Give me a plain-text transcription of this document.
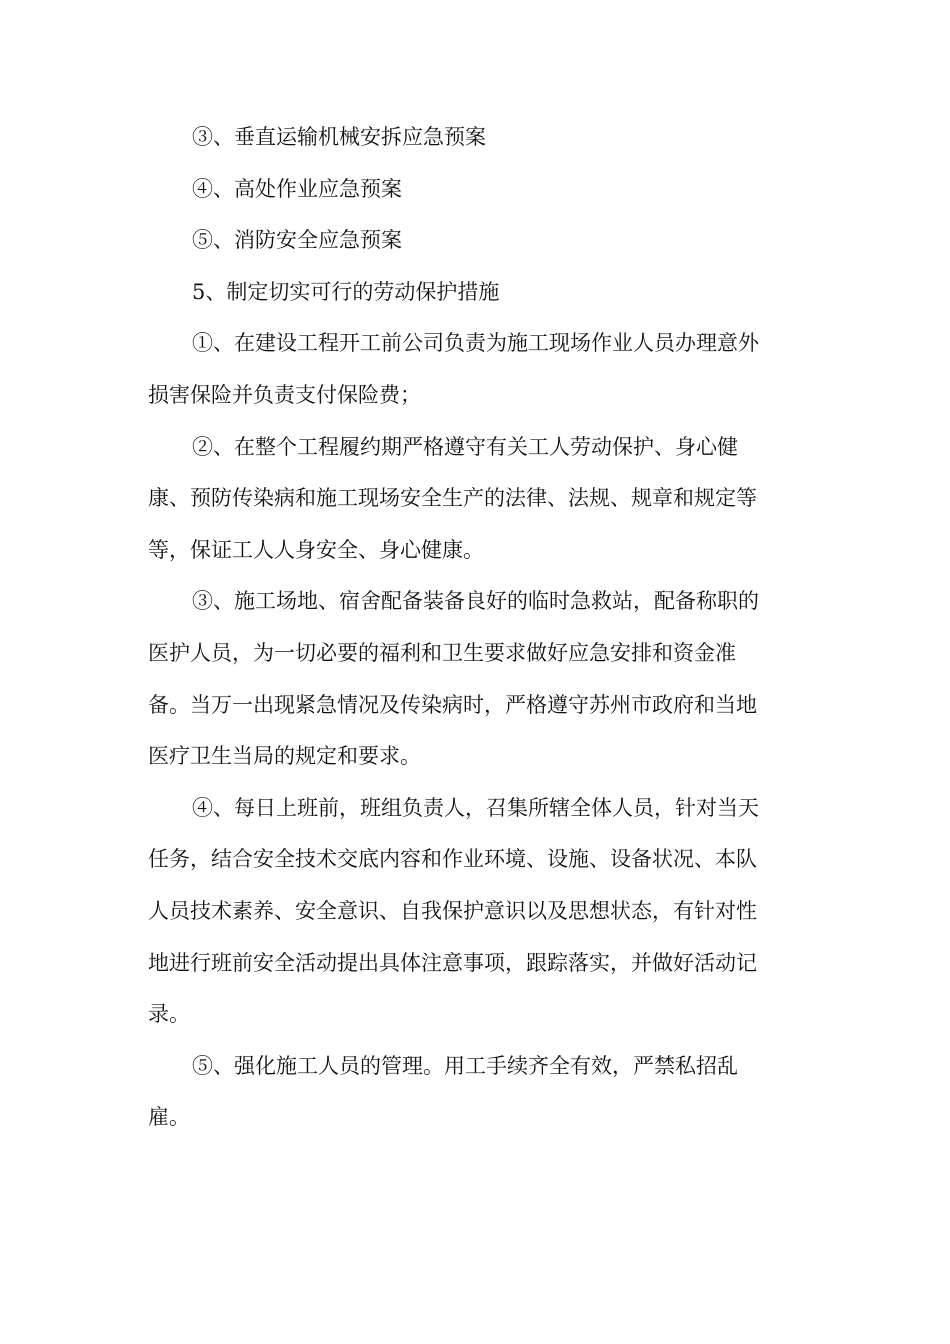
③、垂直运输机械安拆应急预案
④、高处作业应急预案
⑤、消防安全应急预案
5、制定切实可行的劳动保护措施
①、在建设工程开工前公司负责为施工现场作业人员办理意外
损害保险并负责支付保险费；
②、在整个工程履约期严格遵守有关工人劳动保护、身心健
康、预防传染病和施工现场安全生产的法律、法规、规章和规定等
等，保证工人人身安全、身心健康。
③、施工场地、宿舍配备装备良好的临时急救站，配备称职的
医护人员，为一切必要的福利和卫生要求做好应急安排和资金准
备。当万一出现紧急情况及传染病时，严格遵守苏州市政府和当地
医疗卫生当局的规定和要求。
④、每日上班前，班组负责人，召集所辖全体人员，针对当天
任务，结合安全技术交底内容和作业环境、设施、设备状况、本队
人员技术素养、安全意识、自我保护意识以及思想状态，有针对性
地进行班前安全活动提出具体注意事项，跟踪落实，并做好活动记
录。
⑤、强化施工人员的管理。用工手续齐全有效，严禁私招乱
雇。
